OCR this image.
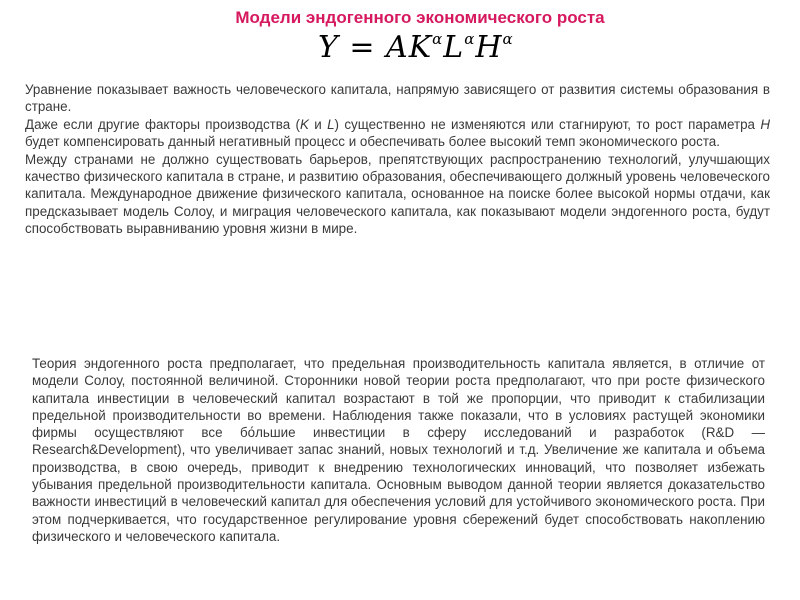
Модели эндогенного экономического роста
$Y = AK^\alpha L^\alpha H^\alpha$

Уравнение показывает важность человеческого капитала, напрямую зависящего от развития системы образования в стране.

Даже если другие факторы производства (K и L) существенно не изменяются или стагнируют, то рост параметра H будет компенсировать данный негативный процесс и обеспечивать более высокий темп экономического роста.

Между странами не должно существовать барьеров, препятствующих распространению технологий, улучшающих качество физического капитала в стране, и развитию образования, обеспечивающего должный уровень человеческого капитала. Международное движение физического капитала, основанное на поиске более высокой нормы отдачи, как предсказывает модель Солоу, и миграция человеческого капитала, как показывают модели эндогенного роста, будут способствовать выравниванию уровня жизни в мире.

Теория эндогенного роста предполагает, что предельная производительность капитала является, в отличие от модели Солоу, постоянной величиной. Сторонники новой теории роста предполагают, что при росте физического капитала инвестиции в человеческий капитал возрастают в той же пропорции, что приводит к стабилизации предельной производительности во времени. Наблюдения также показали, что в условиях растущей экономики фирмы осуществляют все бо́льшие инвестиции в сферу исследований и разработок (R&D — Research&Development), что увеличивает запас знаний, новых технологий и т.д. Увеличение же капитала и объема производства, в свою очередь, приводит к внедрению технологических инноваций, что позволяет избежать убывания предельной производительности капитала. Основным выводом данной теории является доказательство важности инвестиций в человеческий капитал для обеспечения условий для устойчивого экономического роста. При этом подчеркивается, что государственное регулирование уровня сбережений будет способствовать накоплению физического и человеческого капитала.
